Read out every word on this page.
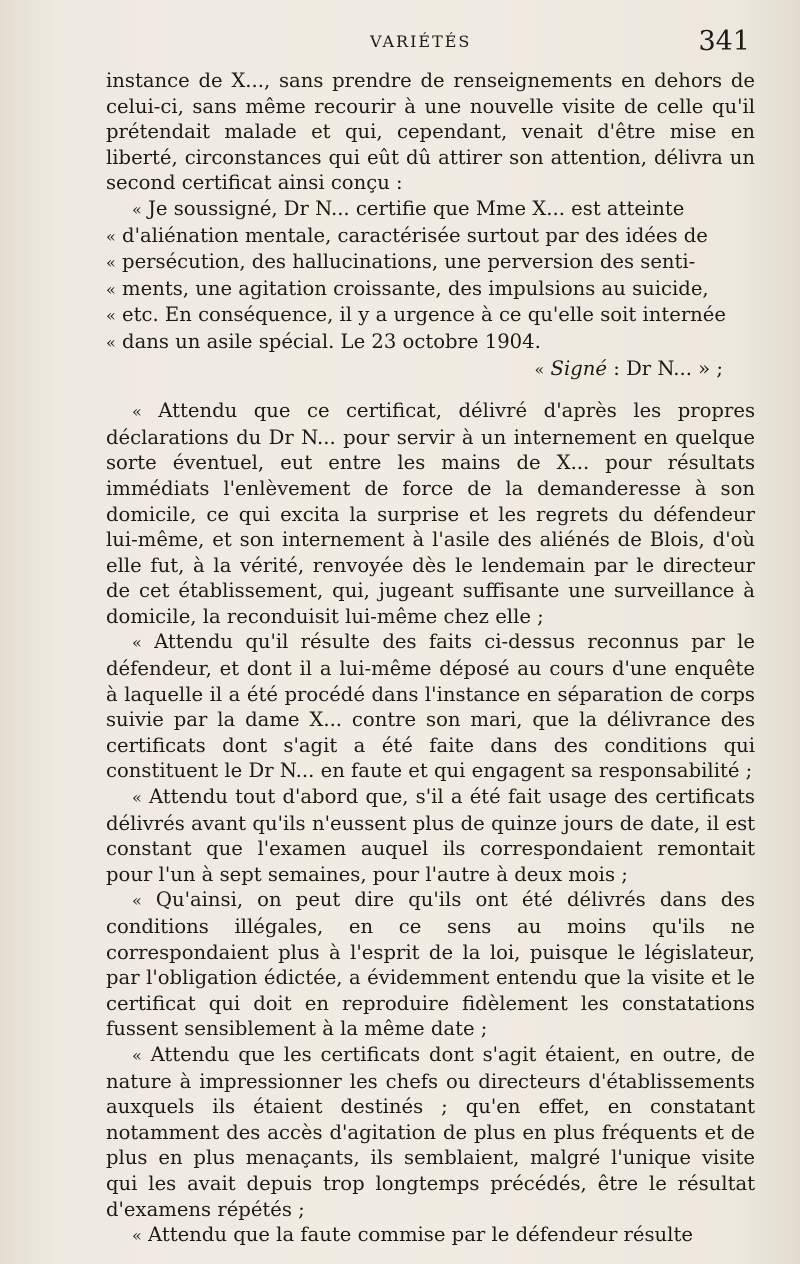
VARIÉTÉS	341

instance de X..., sans prendre de renseignements en dehors de celui-ci, sans même recourir à une nouvelle visite de celle qu'il prétendait malade et qui, cependant, venait d'être mise en liberté, circonstances qui eût dû attirer son attention, délivra un second certificat ainsi conçu :

« Je soussigné, Dr N... certifie que Mme X... est atteinte

« d'aliénation mentale, caractérisée surtout par des idées de

« persécution, des hallucinations, une perversion des senti-

« ments, une agitation croissante, des impulsions au suicide,

« etc. En conséquence, il y a urgence à ce qu'elle soit internée

« dans un asile spécial. Le 23 octobre 1904.

« Signé : Dr N... » ;

« Attendu que ce certificat, délivré d'après les propres déclarations du Dr N... pour servir à un internement en quelque sorte éventuel, eut entre les mains de X... pour résultats immédiats l'enlèvement de force de la demanderesse à son domicile, ce qui excita la surprise et les regrets du défendeur lui-même, et son internement à l'asile des aliénés de Blois, d'où elle fut, à la vérité, renvoyée dès le lendemain par le directeur de cet établissement, qui, jugeant suffisante une surveillance à domicile, la reconduisit lui-même chez elle ;

« Attendu qu'il résulte des faits ci-dessus reconnus par le défendeur, et dont il a lui-même déposé au cours d'une enquête à laquelle il a été procédé dans l'instance en séparation de corps suivie par la dame X... contre son mari, que la délivrance des certificats dont s'agit a été faite dans des conditions qui constituent le Dr N... en faute et qui engagent sa responsabilité ;

« Attendu tout d'abord que, s'il a été fait usage des certificats délivrés avant qu'ils n'eussent plus de quinze jours de date, il est constant que l'examen auquel ils correspondaient remontait pour l'un à sept semaines, pour l'autre à deux mois ;

« Qu'ainsi, on peut dire qu'ils ont été délivrés dans des conditions illégales, en ce sens au moins qu'ils ne correspondaient plus à l'esprit de la loi, puisque le législateur, par l'obligation édictée, a évidemment entendu que la visite et le certificat qui doit en reproduire fidèlement les constatations fussent sensiblement à la même date ;

« Attendu que les certificats dont s'agit étaient, en outre, de nature à impressionner les chefs ou directeurs d'établissements auxquels ils étaient destinés ; qu'en effet, en constatant notamment des accès d'agitation de plus en plus fréquents et de plus en plus menaçants, ils semblaient, malgré l'unique visite qui les avait depuis trop longtemps précédés, être le résultat d'examens répétés ;

« Attendu que la faute commise par le défendeur résulte
